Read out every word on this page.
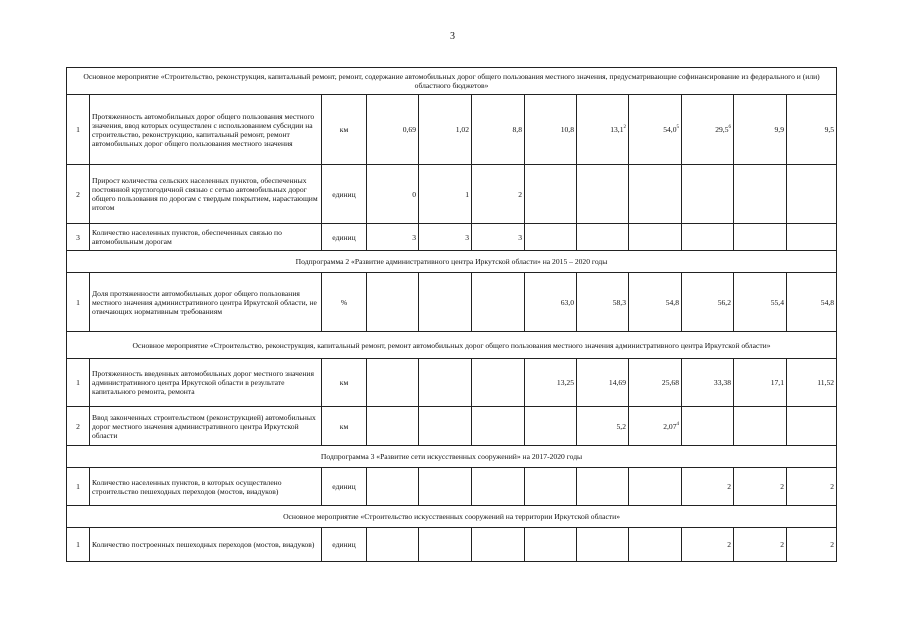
3
Основное мероприятие «Строительство, реконструкция, капитальный ремонт, ремонт, содержание автомобильных дорог общего пользования местного значения, предусматривающие софинансирование из федерального и (или) областного бюджетов»											
1	Протяженность автомобильных дорог общего пользования местного значения, ввод которых осуществлен с использованием субсидии на строительство, реконструкцию, капитальный ремонт, ремонт автомобильных дорог общего пользования местного значения	км	0,69	1,02	8,8	10,8	13,1$^2$	54,0$^5$	29,5$^6$	9,9	9,5
2	Прирост количества сельских населенных пунктов, обеспеченных постоянной круглогодичной связью с сетью автомобильных дорог общего пользования по дорогам с твердым покрытием, нарастающим итогом	единиц	0	1	2						
3	Количество населенных пунктов, обеспеченных связью по автомобильным дорогам	единиц	3	3	3						
Подпрограмма 2 «Развитие административного центра Иркутской области» на 2015 – 2020 годы											
1	Доля протяженности автомобильных дорог общего пользования местного значения административного центра Иркутской области, не отвечающих нормативным требованиям	%				63,0	58,3	54,8	56,2	55,4	54,8
Основное мероприятие «Строительство, реконструкция, капитальный ремонт, ремонт автомобильных дорог общего пользования местного значения административного центра Иркутской области»											
1	Протяженность введенных автомобильных дорог местного значения административного центра Иркутской области в результате капитального ремонта, ремонта	км				13,25	14,69	25,68	33,38	17,1	11,52
2	Ввод законченных строительством (реконструкцией) автомобильных дорог местного значения административного центра Иркутской области	км					5,2	2,07$^4$			
Подпрограмма 3 «Развитие сети искусственных сооружений» на 2017-2020 годы											
1	Количество населенных пунктов, в которых осуществлено строительство пешеходных переходов (мостов, виадуков)	единиц							2	2	2
Основное мероприятие «Строительство искусственных сооружений на территории Иркутской области»											
1	Количество построенных пешеходных переходов (мостов, виадуков)	единиц							2	2	2
